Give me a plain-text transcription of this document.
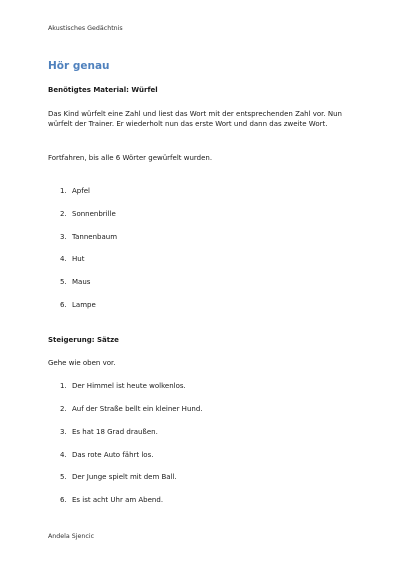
Akustisches Gedächtnis
Hör genau
Benötigtes Material: Würfel
Das Kind würfelt eine Zahl und liest das Wort mit der entsprechenden Zahl vor. Nun würfelt der Trainer. Er wiederholt nun das erste Wort und dann das zweite Wort.
Fortfahren, bis alle 6 Wörter gewürfelt wurden.
1. Apfel
2. Sonnenbrille
3. Tannenbaum
4. Hut
5. Maus
6. Lampe
Steigerung: Sätze
Gehe wie oben vor.
1. Der Himmel ist heute wolkenlos.
2. Auf der Straße bellt ein kleiner Hund.
3. Es hat 18 Grad draußen.
4. Das rote Auto fährt los.
5. Der Junge spielt mit dem Ball.
6. Es ist acht Uhr am Abend.
Andela Sjencic
